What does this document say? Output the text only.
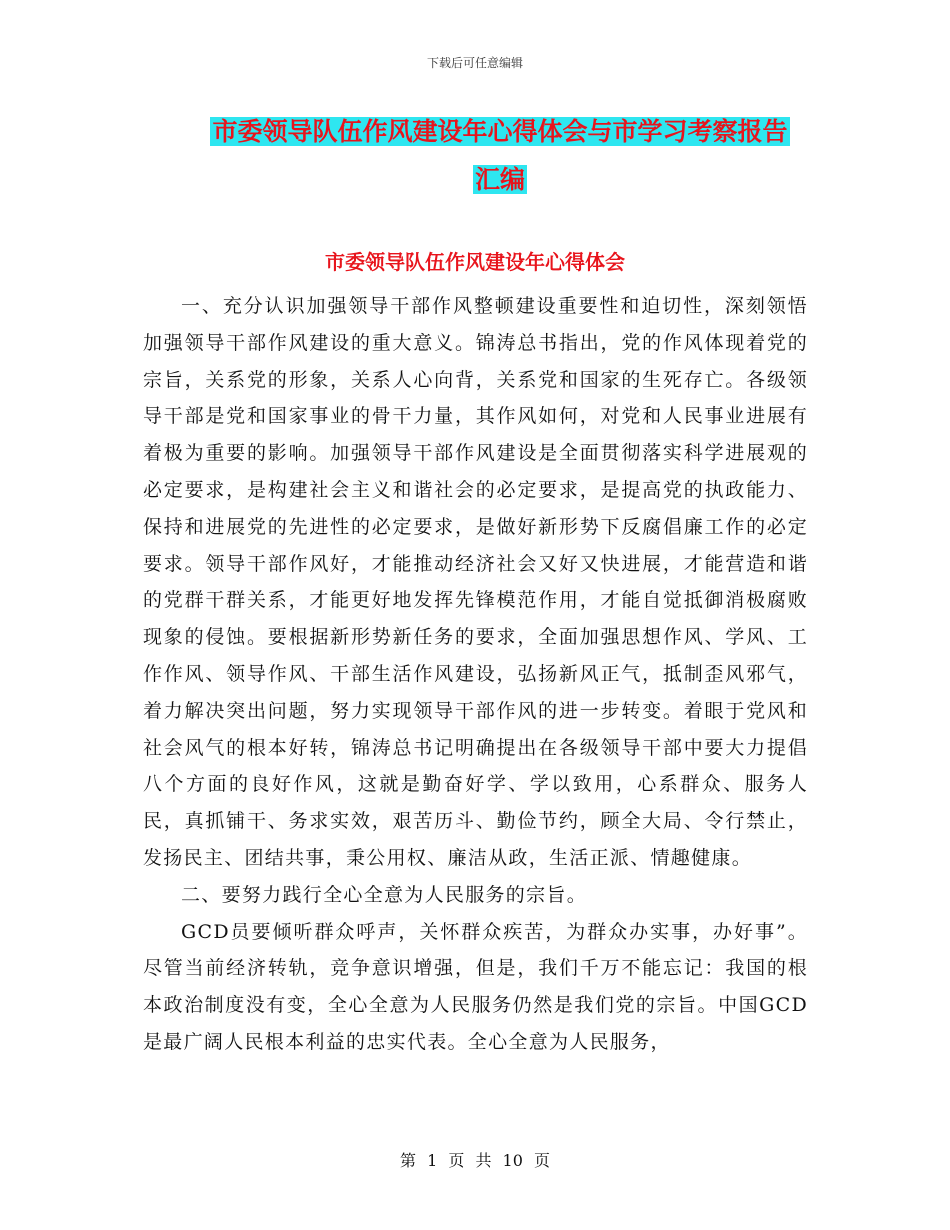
下载后可任意编辑
市委领导队伍作风建设年心得体会与市学习考察报告
汇编
市委领导队伍作风建设年心得体会

一、充分认识加强领导干部作风整顿建设重要性和迫切性，深刻领悟加强领导干部作风建设的重大意义。锦涛总书指出，党的作风体现着党的宗旨，关系党的形象，关系人心向背，关系党和国家的生死存亡。各级领导干部是党和国家事业的骨干力量，其作风如何，对党和人民事业进展有着极为重要的影响。加强领导干部作风建设是全面贯彻落实科学进展观的必定要求，是构建社会主义和谐社会的必定要求，是提高党的执政能力、保持和进展党的先进性的必定要求，是做好新形势下反腐倡廉工作的必定要求。领导干部作风好，才能推动经济社会又好又快进展，才能营造和谐的党群干群关系，才能更好地发挥先锋模范作用，才能自觉抵御消极腐败现象的侵蚀。要根据新形势新任务的要求，全面加强思想作风、学风、工作作风、领导作风、干部生活作风建设，弘扬新风正气，抵制歪风邪气，着力解决突出问题，努力实现领导干部作风的进一步转变。着眼于党风和社会风气的根本好转，锦涛总书记明确提出在各级领导干部中要大力提倡八个方面的良好作风，这就是勤奋好学、学以致用，心系群众、服务人民，真抓铺干、务求实效，艰苦历斗、勤俭节约，顾全大局、令行禁止，发扬民主、团结共事，秉公用权、廉洁从政，生活正派、情趣健康。

二、要努力践行全心全意为人民服务的宗旨。

GCD员要倾听群众呼声，关怀群众疾苦，为群众办实事，办好事”。尽管当前经济转轨，竞争意识增强，但是，我们千万不能忘记：我国的根本政治制度没有变，全心全意为人民服务仍然是我们党的宗旨。中国GCD是最广阔人民根本利益的忠实代表。全心全意为人民服务，

第 1 页 共 10 页
